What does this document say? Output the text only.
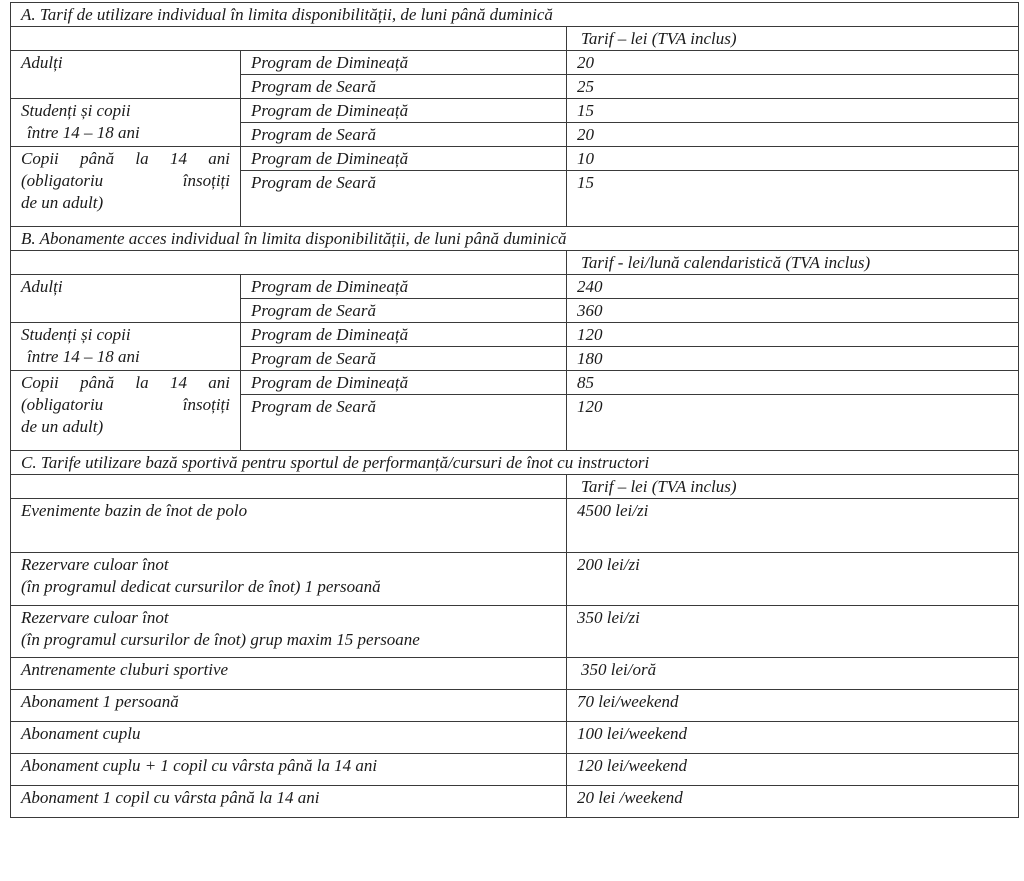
A. Tarif de utilizare individual în limita disponibilității, de luni până duminică		
		Tarif – lei (TVA inclus)
Adulți	Program de Dimineață	20
	Program de Seară	25

Studenți și copii
între 14 – 18 ani	Program de Dimineață	15
	Program de Seară	20

Copii până la 14 ani
(obligatoriu însoțiți
de un adult)	Program de Dimineață	10
	Program de Seară	15
B. Abonamente acces individual în limita disponibilității, de luni până duminică		
		Tarif - lei/lună calendaristică (TVA inclus)
Adulți	Program de Dimineață	240
	Program de Seară	360

Studenți și copii
între 14 – 18 ani	Program de Dimineață	120
	Program de Seară	180

Copii până la 14 ani
(obligatoriu însoțiți
de un adult)	Program de Dimineață	85
	Program de Seară	120
C. Tarife utilizare bază sportivă pentru sportul de performanță/cursuri de înot cu instructori		
		Tarif – lei (TVA inclus)
Evenimente bazin de înot de polo		4500 lei/zi

Rezervare culoar înot
(în programul dedicat cursurilor de înot) 1 persoană		200 lei/zi

Rezervare culoar înot
(în programul cursurilor de înot) grup maxim 15 persoane		350 lei/zi
Antrenamente cluburi sportive		350 lei/oră
Abonament 1 persoană		70 lei/weekend
Abonament cuplu		100 lei/weekend
Abonament cuplu + 1 copil cu vârsta până la 14 ani		120 lei/weekend
Abonament 1 copil cu vârsta până la 14 ani		20 lei /weekend
